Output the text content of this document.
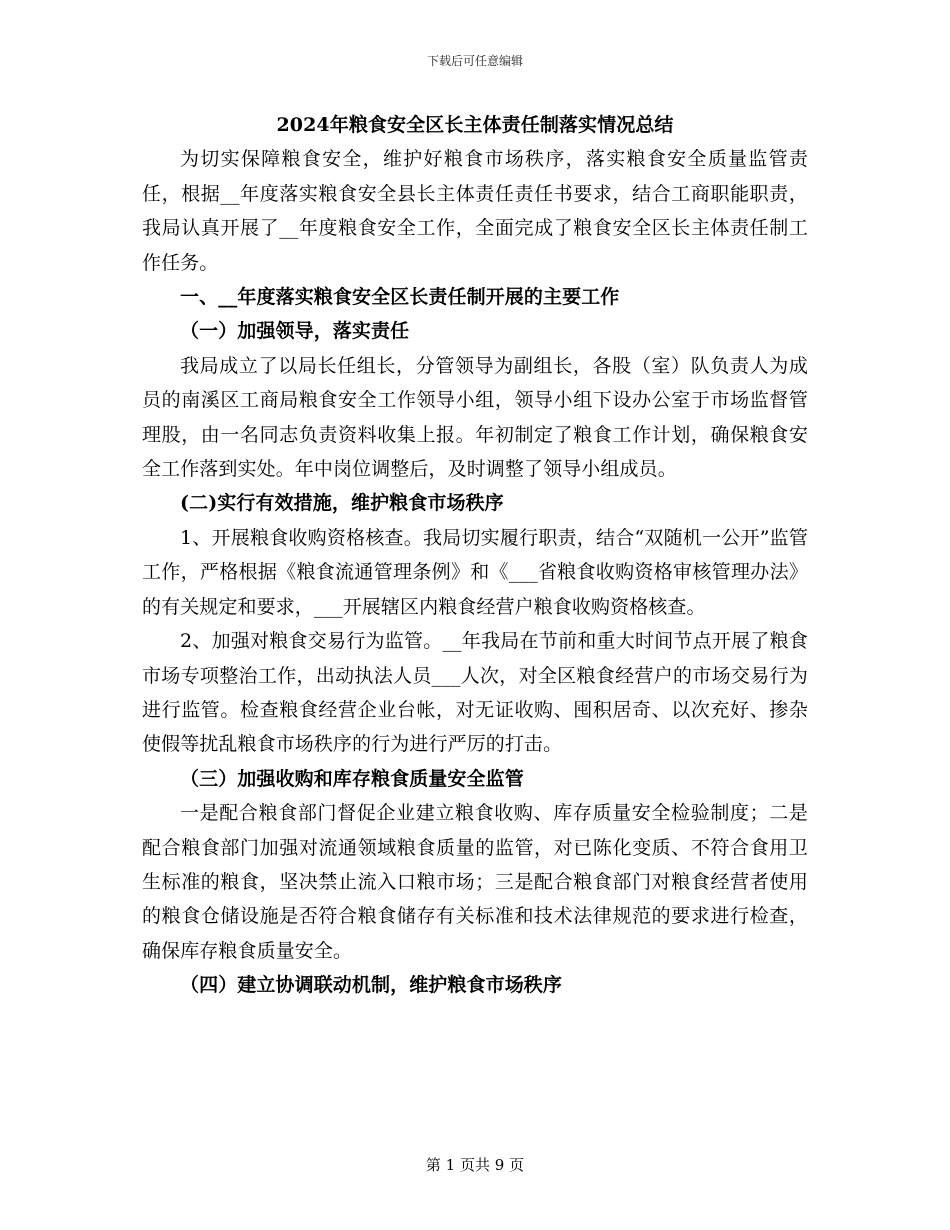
下载后可任意编辑

2024年粮食安全区长主体责任制落实情况总结

为切实保障粮食安全，维护好粮食市场秩序，落实粮食安全质量监管责任，根据__年度落实粮食安全县长主体责任责任书要求，结合工商职能职责，我局认真开展了__年度粮食安全工作，全面完成了粮食安全区长主体责任制工作任务。

一、__年度落实粮食安全区长责任制开展的主要工作

（一）加强领导，落实责任

我局成立了以局长任组长，分管领导为副组长，各股（室）队负责人为成员的南溪区工商局粮食安全工作领导小组，领导小组下设办公室于市场监督管理股，由一名同志负责资料收集上报。年初制定了粮食工作计划，确保粮食安全工作落到实处。年中岗位调整后，及时调整了领导小组成员。

(二)实行有效措施，维护粮食市场秩序

1、开展粮食收购资格核查。我局切实履行职责，结合“双随机一公开”监管工作，严格根据《粮食流通管理条例》和《___省粮食收购资格审核管理办法》的有关规定和要求，___开展辖区内粮食经营户粮食收购资格核查。

2、加强对粮食交易行为监管。__年我局在节前和重大时间节点开展了粮食市场专项整治工作，出动执法人员___人次，对全区粮食经营户的市场交易行为进行监管。检查粮食经营企业台帐，对无证收购、囤积居奇、以次充好、掺杂使假等扰乱粮食市场秩序的行为进行严厉的打击。

（三）加强收购和库存粮食质量安全监管

一是配合粮食部门督促企业建立粮食收购、库存质量安全检验制度；二是配合粮食部门加强对流通领域粮食质量的监管，对已陈化变质、不符合食用卫生标准的粮食，坚决禁止流入口粮市场；三是配合粮食部门对粮食经营者使用的粮食仓储设施是否符合粮食储存有关标准和技术法律规范的要求进行检查，确保库存粮食质量安全。

（四）建立协调联动机制，维护粮食市场秩序

第 1 页共 9 页
